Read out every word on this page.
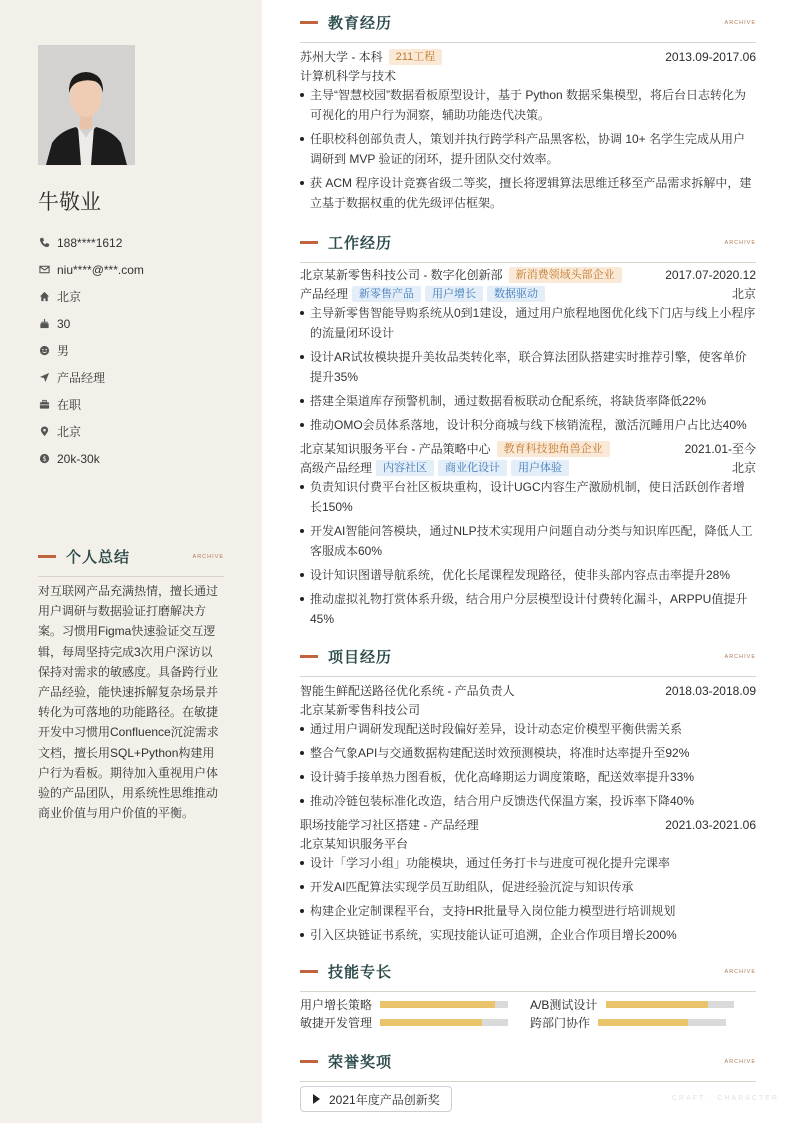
牛敬业
188****1612
niu****@***.com
北京
30
男
产品经理
在职
北京
$ 20k-30k
个人总结	ARCHIVE
对互联网产品充满热情，擅长通过用户调研与数据验证打磨解决方案。习惯用Figma快速验证交互逻辑，每周坚持完成3次用户深访以保持对需求的敏感度。具备跨行业产品经验，能快速拆解复杂场景并转化为可落地的功能路径。在敏捷开发中习惯用Confluence沉淀需求文档，擅长用SQL+Python构建用户行为看板。期待加入重视用户体验的产品团队，用系统性思维推动商业价值与用户价值的平衡。
教育经历	ARCHIVE
苏州大学 - 本科	211工程	2013.09-2017.06
计算机科学与技术
主导“智慧校园”数据看板原型设计，基于 Python 数据采集模型，将后台日志转化为可视化的用户行为洞察，辅助功能迭代决策。
任职校科创部负责人，策划并执行跨学科产品黑客松，协调 10+ 名学生完成从用户调研到 MVP 验证的闭环，提升团队交付效率。
获 ACM 程序设计竞赛省级二等奖，擅长将逻辑算法思维迁移至产品需求拆解中，建立基于数据权重的优先级评估框架。
工作经历	ARCHIVE
北京某新零售科技公司 - 数字化创新部	新消费领域头部企业	2017.07-2020.12
产品经理	新零售产品	用户增长	数据驱动	北京
主导新零售智能导购系统从0到1建设，通过用户旅程地图优化线下门店与线上小程序的流量闭环设计
设计AR试妆模块提升美妆品类转化率，联合算法团队搭建实时推荐引擎，使客单价提升35%
搭建全渠道库存预警机制，通过数据看板联动仓配系统，将缺货率降低22%
推动OMO会员体系落地，设计积分商城与线下核销流程，激活沉睡用户占比达40%
北京某知识服务平台 - 产品策略中心	教育科技独角兽企业	2021.01-至今
高级产品经理	内容社区	商业化设计	用户体验	北京
负责知识付费平台社区板块重构，设计UGC内容生产激励机制，使日活跃创作者增长150%
开发AI智能问答模块，通过NLP技术实现用户问题自动分类与知识库匹配，降低人工客服成本60%
设计知识图谱导航系统，优化长尾课程发现路径，使非头部内容点击率提升28%
推动虚拟礼物打赏体系升级，结合用户分层模型设计付费转化漏斗，ARPPU值提升45%
项目经历	ARCHIVE
智能生鲜配送路径优化系统 - 产品负责人	2018.03-2018.09
北京某新零售科技公司
通过用户调研发现配送时段偏好差异，设计动态定价模型平衡供需关系
整合气象API与交通数据构建配送时效预测模块，将准时达率提升至92%
设计骑手接单热力图看板，优化高峰期运力调度策略，配送效率提升33%
推动冷链包装标准化改造，结合用户反馈迭代保温方案，投诉率下降40%
职场技能学习社区搭建 - 产品经理	2021.03-2021.06
北京某知识服务平台
设计「学习小组」功能模块，通过任务打卡与进度可视化提升完课率
开发AI匹配算法实现学员互助组队，促进经验沉淀与知识传承
构建企业定制课程平台，支持HR批量导入岗位能力模型进行培训规划
引入区块链证书系统，实现技能认证可追溯，企业合作项目增长200%
技能专长	ARCHIVE
用户增长策略	A/B测试设计
敏捷开发管理	跨部门协作
荣誉奖项	ARCHIVE
2021年度产品创新奖	CRAFT · CHARACTER
